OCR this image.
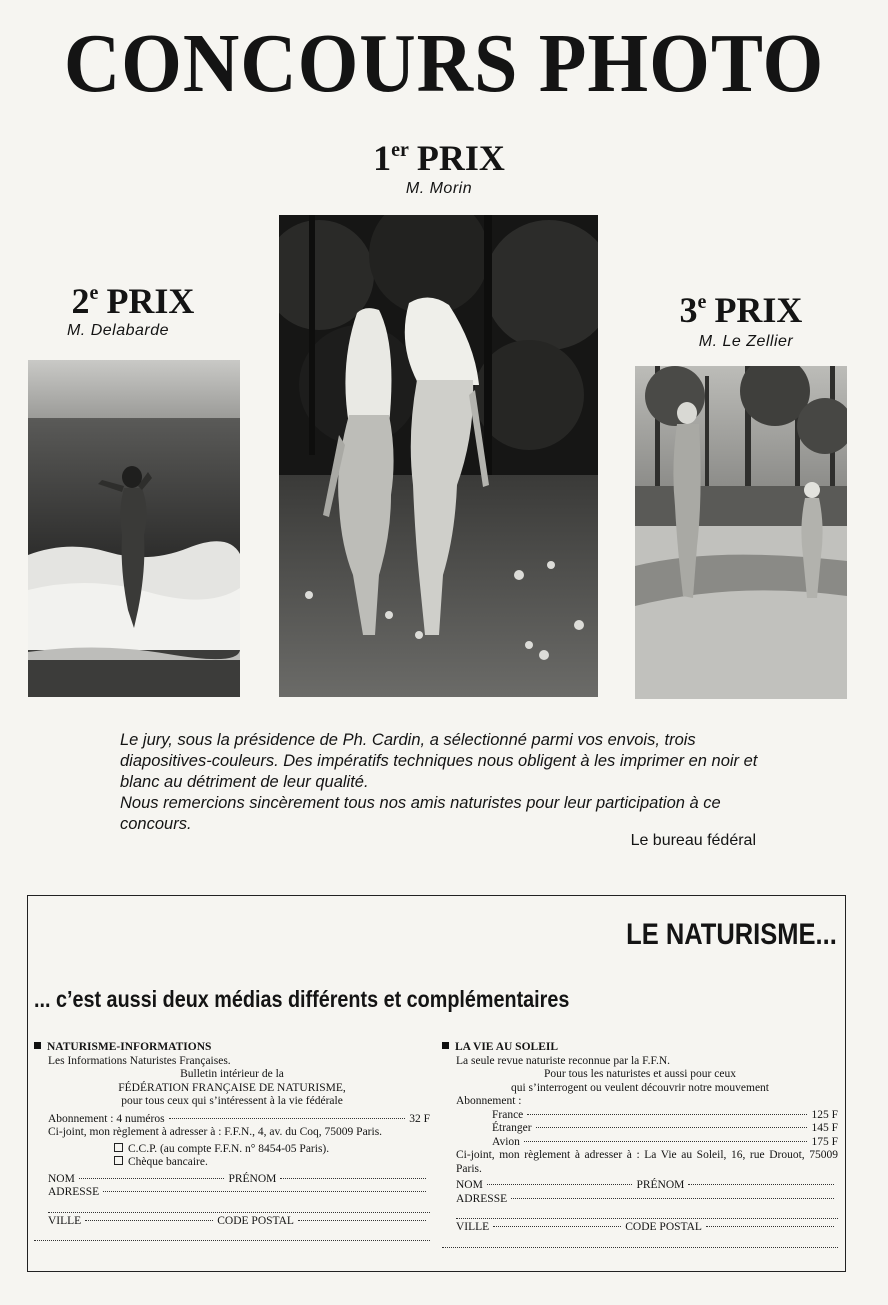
CONCOURS PHOTO
1er PRIX
M. Morin
2e PRIX
M. Delabarde
3e PRIX
M. Le Zellier

Le jury, sous la présidence de Ph. Cardin, a sélectionné parmi vos envois, trois diapositives-couleurs. Des impératifs techniques nous obligent à les imprimer en noir et blanc au détriment de leur qualité.

Nous remercions sincèrement tous nos amis naturistes pour leur participation à ce concours.

Le bureau fédéral
LE NATURISME...
... c’est aussi deux médias différents et complémentaires
NATURISME-INFORMATIONS
Les Informations Naturistes Françaises.
Bulletin intérieur de la
FÉDÉRATION FRANÇAISE DE NATURISME,
pour tous ceux qui s’intéressent à la vie fédérale
Abonnement : 4 numéros	32 F
Ci-joint, mon règlement à adresser à : F.F.N., 4, av. du Coq, 75009 Paris.
C.C.P. (au compte F.F.N. n° 8454-05 Paris).
Chèque bancaire.
NOM	PRÉNOM
ADRESSE
VILLE	CODE POSTAL
LA VIE AU SOLEIL
La seule revue naturiste reconnue par la F.F.N.
Pour tous les naturistes et aussi pour ceux
qui s’interrogent ou veulent découvrir notre mouvement
Abonnement :
France	125 F
Étranger	145 F
Avion	175 F
Ci-joint, mon règlement à adresser à : La Vie au Soleil, 16, rue Drouot, 75009 Paris.
NOM	PRÉNOM
ADRESSE
VILLE	CODE POSTAL
